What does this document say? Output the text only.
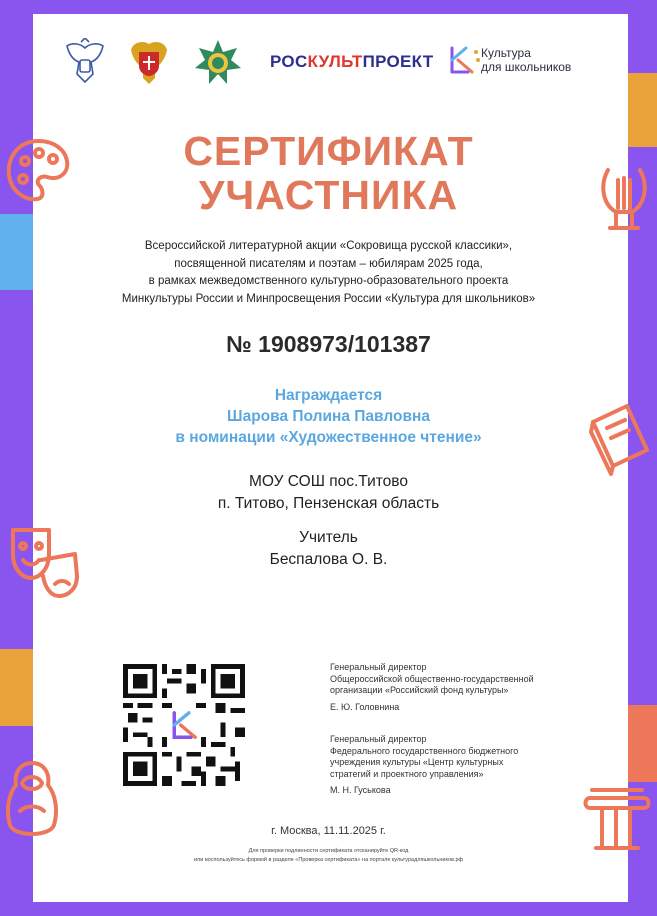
РОСКУЛЬТПРОЕКТ	Культура
для школьников
СЕРТИФИКАТ
УЧАСТНИКА
Всероссийской литературной акции «Сокровища русской классики»,
посвященной писателям и поэтам – юбилярам 2025 года,
в рамках межведомственного культурно-образовательного проекта
Минкультуры России и Минпросвещения России «Культура для школьников»
№ 1908973/101387
Награждается
Шарова Полина Павловна
в номинации «Художественное чтение»
МОУ СОШ пос.Титово
п. Титово, Пензенская область
Учитель
Беспалова О. В.
Генеральный директор
Общероссийской общественно-государственной
организации «Российский фонд культуры»
Е. Ю. Головнина
Генеральный директор
Федерального государственного бюджетного
учреждения культуры «Центр культурных
стратегий и проектного управления»
М. Н. Гуськова
г. Москва, 11.11.2025 г.
Для проверки подлинности сертификата отсканируйте QR-код
или воспользуйтесь формой в разделе «Проверка сертификата» на портале культурадляшкольников.рф
